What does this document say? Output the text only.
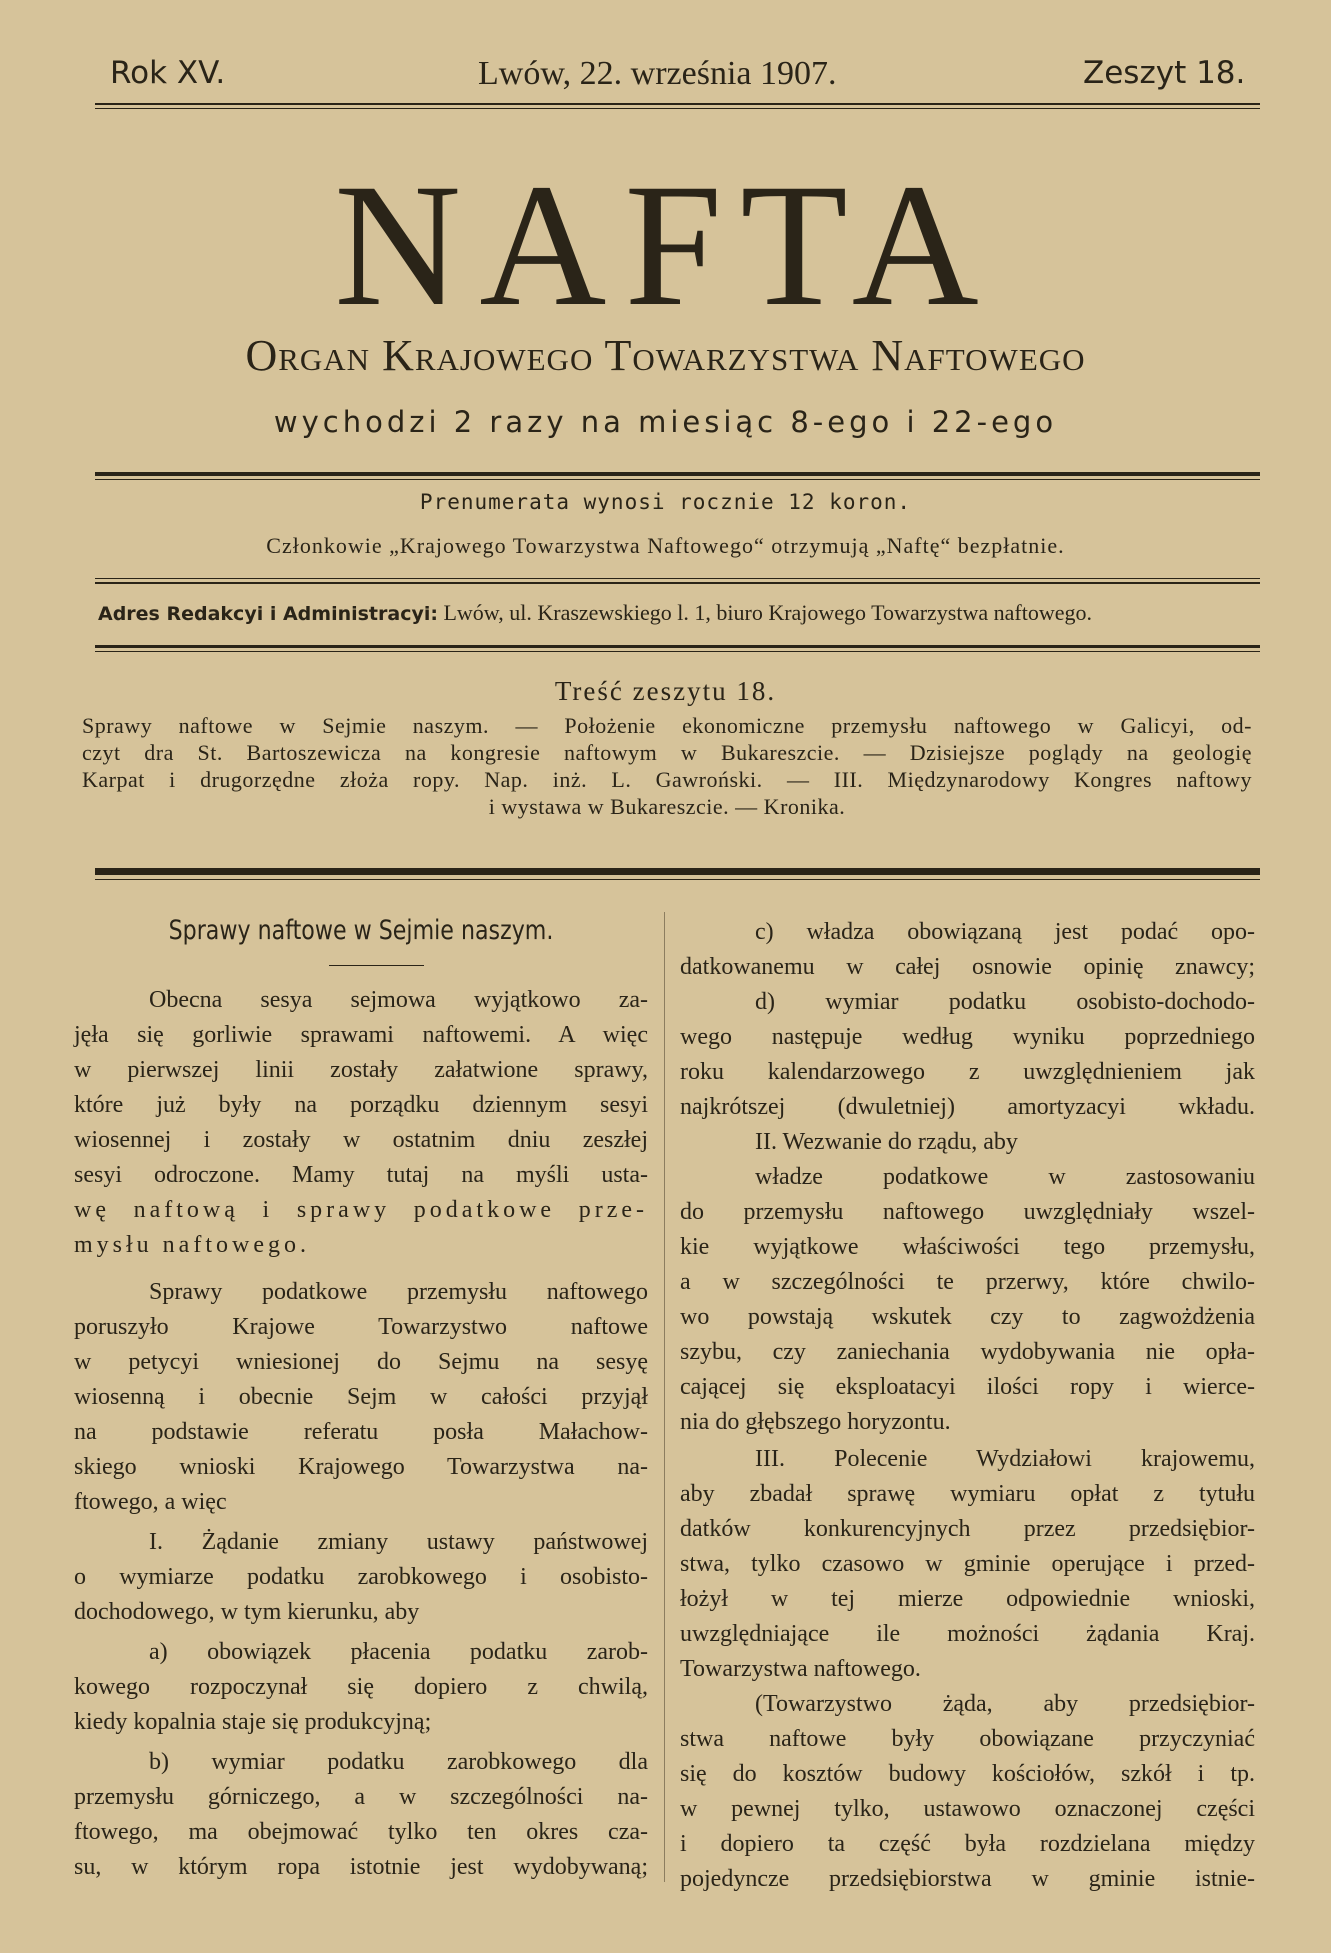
Rok XV.	Lwów, 22. września 1907.	Zeszyt 18.
NAFTA
Organ Krajowego Towarzystwa Naftowego
wychodzi 2 razy na miesiąc 8-ego i 22-ego
Prenumerata wynosi rocznie 12 koron.
Członkowie „Krajowego Towarzystwa Naftowego“ otrzymują „Naftę“ bezpłatnie.
Adres Redakcyi i Administracyi: Lwów, ul. Kraszewskiego l. 1, biuro Krajowego Towarzystwa naftowego.
Treść zeszytu 18.
Sprawy naftowe w Sejmie naszym. — Położenie ekonomiczne przemysłu naftowego w Galicyi, od-
czyt dra St. Bartoszewicza na kongresie naftowym w Bukareszcie. — Dzisiejsze poglądy na geologię
Karpat i drugorzędne złoża ropy. Nap. inż. L. Gawroński. — III. Międzynarodowy Kongres naftowy
i wystawa w Bukareszcie. — Kronika.
Sprawy naftowe w Sejmie naszym.
Obecna sesya sejmowa wyjątkowo za-
jęła się gorliwie sprawami naftowemi. A więc
w pierwszej linii zostały załatwione sprawy,
które już były na porządku dziennym sesyi
wiosennej i zostały w ostatnim dniu zeszłej
sesyi odroczone. Mamy tutaj na myśli usta-
wę naftową i sprawy podatkowe prze-
mysłu naftowego.
Sprawy podatkowe przemysłu naftowego
poruszyło Krajowe Towarzystwo naftowe
w petycyi wniesionej do Sejmu na sesyę
wiosenną i obecnie Sejm w całości przyjął
na podstawie referatu posła Małachow-
skiego wnioski Krajowego Towarzystwa na-
ftowego, a więc
I. Żądanie zmiany ustawy państwowej
o wymiarze podatku zarobkowego i osobisto-
dochodowego, w tym kierunku, aby
a) obowiązek płacenia podatku zarob-
kowego rozpoczynał się dopiero z chwilą,
kiedy kopalnia staje się produkcyjną;
b) wymiar podatku zarobkowego dla
przemysłu górniczego, a w szczególności na-
ftowego, ma obejmować tylko ten okres cza-
su, w którym ropa istotnie jest wydobywaną;
c) władza obowiązaną jest podać opo-
datkowanemu w całej osnowie opinię znawcy;
d) wymiar podatku osobisto-dochodo-
wego następuje według wyniku poprzedniego
roku kalendarzowego z uwzględnieniem jak
najkrótszej (dwuletniej) amortyzacyi wkładu.
II. Wezwanie do rządu, aby
władze podatkowe w zastosowaniu
do przemysłu naftowego uwzględniały wszel-
kie wyjątkowe właściwości tego przemysłu,
a w szczególności te przerwy, które chwilo-
wo powstają wskutek czy to zagwożdżenia
szybu, czy zaniechania wydobywania nie opła-
cającej się eksploatacyi ilości ropy i wierce-
nia do głębszego horyzontu.
III. Polecenie Wydziałowi krajowemu,
aby zbadał sprawę wymiaru opłat z tytułu
datków konkurencyjnych przez przedsiębior-
stwa, tylko czasowo w gminie operujące i przed-
łożył w tej mierze odpowiednie wnioski,
uwzględniające ile możności żądania Kraj.
Towarzystwa naftowego.
(Towarzystwo żąda, aby przedsiębior-
stwa naftowe były obowiązane przyczyniać
się do kosztów budowy kościołów, szkół i tp.
w pewnej tylko, ustawowo oznaczonej części
i dopiero ta część była rozdzielana między
pojedyncze przedsiębiorstwa w gminie istnie-
